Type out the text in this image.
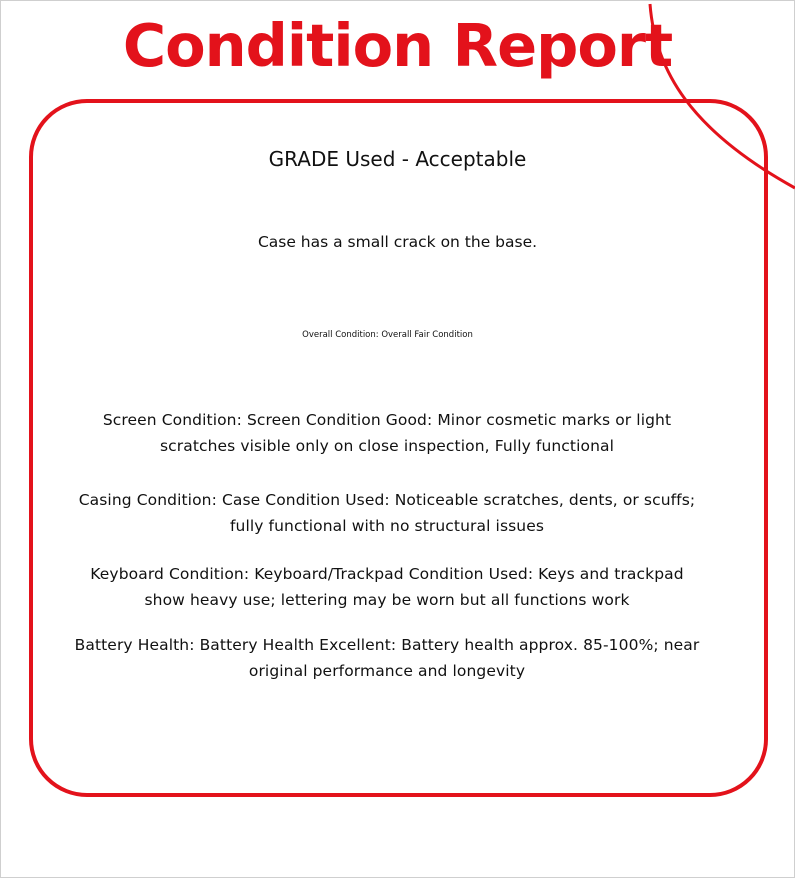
Condition Report
GRADE Used - Acceptable
Case has a small crack on the base.
Overall Condition: Overall Fair Condition
Screen Condition: Screen Condition Good: Minor cosmetic marks or light scratches visible only on close inspection, Fully functional
Casing Condition: Case Condition Used: Noticeable scratches, dents, or scuffs; fully functional with no structural issues
Keyboard Condition: Keyboard/Trackpad Condition Used: Keys and trackpad show heavy use; lettering may be worn but all functions work
Battery Health: Battery Health Excellent: Battery health approx. 85-100%; near original performance and longevity
